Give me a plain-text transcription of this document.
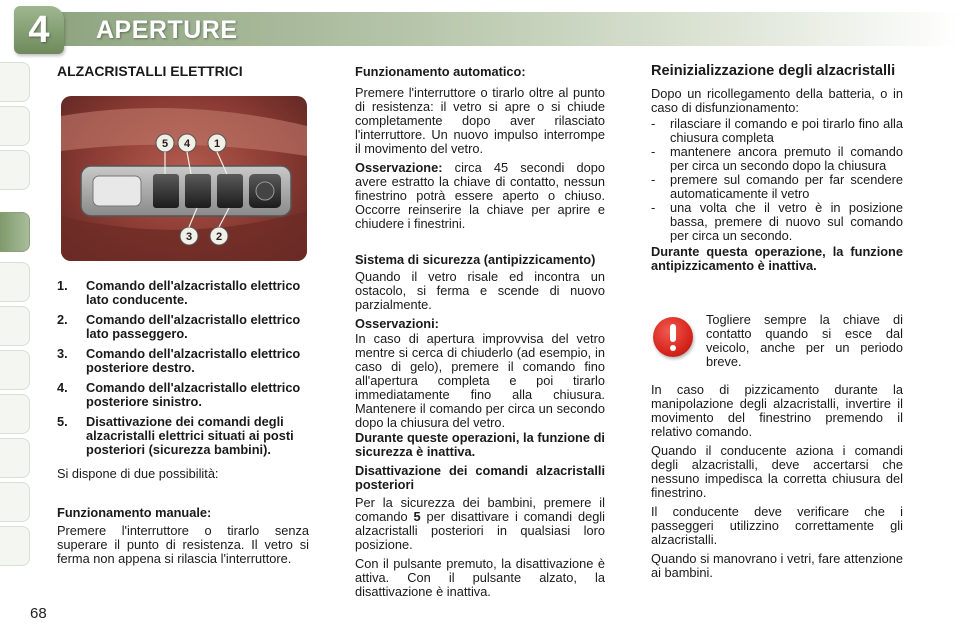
4	APERTURE
ALZACRISTALLI ELETTRICI
5 4 1
3 2
1. Comando dell'alzacristallo elettrico lato conducente.
2. Comando dell'alzacristallo elettrico lato passeggero.
3. Comando dell'alzacristallo elettrico posteriore destro.
4. Comando dell'alzacristallo elettrico posteriore sinistro.
5. Disattivazione dei comandi degli alzacristalli elettrici situati ai posti posteriori (sicurezza bambini).

Si dispone di due possibilità:

Funzionamento manuale:

Premere l'interruttore o tirarlo senza superare il punto di resistenza. Il vetro si ferma non appena si rilascia l'interruttore.

Funzionamento automatico:

Premere l'interruttore o tirarlo oltre al punto di resistenza: il vetro si apre o si chiude completamente dopo aver rilasciato l'interruttore. Un nuovo impulso interrompe il movimento del vetro.

Osservazione: circa 45 secondi dopo avere estratto la chiave di contatto, nessun finestrino potrà essere aperto o chiuso. Occorre reinserire la chiave per aprire e chiudere i finestrini.

Sistema di sicurezza (antipizzicamento)

Quando il vetro risale ed incontra un ostacolo, si ferma e scende di nuovo parzialmente.

Osservazioni:

In caso di apertura improvvisa del vetro mentre si cerca di chiuderlo (ad esempio, in caso di gelo), premere il comando fino all'apertura completa e poi tirarlo immediatamente fino alla chiusura. Mantenere il comando per circa un secondo dopo la chiusura del vetro.

Durante queste operazioni, la funzione di sicurezza è inattiva.

Disattivazione dei comandi alzacristalli posteriori

Per la sicurezza dei bambini, premere il comando 5 per disattivare i comandi degli alzacristalli posteriori in qualsiasi loro posizione.

Con il pulsante premuto, la disattivazione è attiva. Con il pulsante alzato, la disattivazione è inattiva.

Reinizializzazione degli alzacristalli

Dopo un ricollegamento della batteria, o in caso di disfunzionamento:

- rilasciare il comando e poi tirarlo fino alla chiusura completa
- mantenere ancora premuto il comando per circa un secondo dopo la chiusura
- premere sul comando per far scendere automaticamente il vetro
- una volta che il vetro è in posizione bassa, premere di nuovo sul comando per circa un secondo.

Durante questa operazione, la funzione antipizzicamento è inattiva.

Togliere sempre la chiave di contatto quando si esce dal veicolo, anche per un periodo breve.

In caso di pizzicamento durante la manipolazione degli alzacristalli, invertire il movimento del finestrino premendo il relativo comando.

Quando il conducente aziona i comandi degli alzacristalli, deve accertarsi che nessuno impedisca la corretta chiusura del finestrino.

Il conducente deve verificare che i passeggeri utilizzino correttamente gli alzacristalli.

Quando si manovrano i vetri, fare attenzione ai bambini.

68
